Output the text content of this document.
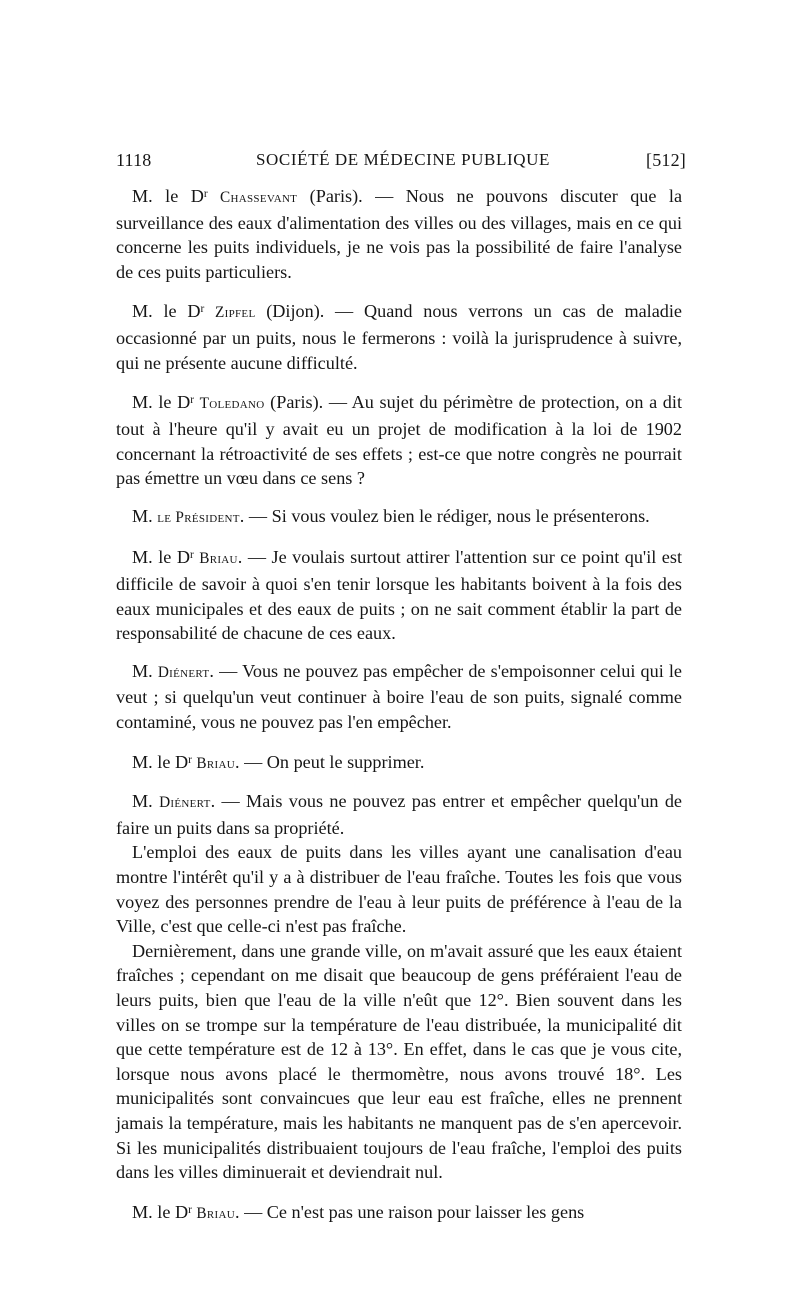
1118	SOCIÉTÉ DE MÉDECINE PUBLIQUE	[512]

M. le $D^r$ Chassevant (Paris). — Nous ne pouvons discuter que la surveillance des eaux d'alimentation des villes ou des villages, mais en ce qui concerne les puits individuels, je ne vois pas la possibilité de faire l'analyse de ces puits particuliers.

M. le $D^r$ Zipfel (Dijon). — Quand nous verrons un cas de maladie occasionné par un puits, nous le fermerons : voilà la jurisprudence à suivre, qui ne présente aucune difficulté.

M. le $D^r$ Toledano (Paris). — Au sujet du périmètre de protection, on a dit tout à l'heure qu'il y avait eu un projet de modification à la loi de 1902 concernant la rétroactivité de ses effets ; est-ce que notre congrès ne pourrait pas émettre un vœu dans ce sens ?

M. le Président. — Si vous voulez bien le rédiger, nous le présenterons.

M. le $D^r$ Briau. — Je voulais surtout attirer l'attention sur ce point qu'il est difficile de savoir à quoi s'en tenir lorsque les habitants boivent à la fois des eaux municipales et des eaux de puits ; on ne sait comment établir la part de responsabilité de chacune de ces eaux.

M. Diénert. — Vous ne pouvez pas empêcher de s'empoisonner celui qui le veut ; si quelqu'un veut continuer à boire l'eau de son puits, signalé comme contaminé, vous ne pouvez pas l'en empêcher.

M. le $D^r$ Briau. — On peut le supprimer.

M. Diénert. — Mais vous ne pouvez pas entrer et empêcher quelqu'un de faire un puits dans sa propriété.

L'emploi des eaux de puits dans les villes ayant une canalisation d'eau montre l'intérêt qu'il y a à distribuer de l'eau fraîche. Toutes les fois que vous voyez des personnes prendre de l'eau à leur puits de préférence à l'eau de la Ville, c'est que celle-ci n'est pas fraîche.

Dernièrement, dans une grande ville, on m'avait assuré que les eaux étaient fraîches ; cependant on me disait que beaucoup de gens préféraient l'eau de leurs puits, bien que l'eau de la ville n'eût que 12°. Bien souvent dans les villes on se trompe sur la température de l'eau distribuée, la municipalité dit que cette température est de 12 à 13°. En effet, dans le cas que je vous cite, lorsque nous avons placé le thermomètre, nous avons trouvé 18°. Les municipalités sont convaincues que leur eau est fraîche, elles ne prennent jamais la température, mais les habitants ne manquent pas de s'en apercevoir. Si les municipalités distribuaient toujours de l'eau fraîche, l'emploi des puits dans les villes diminuerait et deviendrait nul.

M. le $D^r$ Briau. — Ce n'est pas une raison pour laisser les gens
